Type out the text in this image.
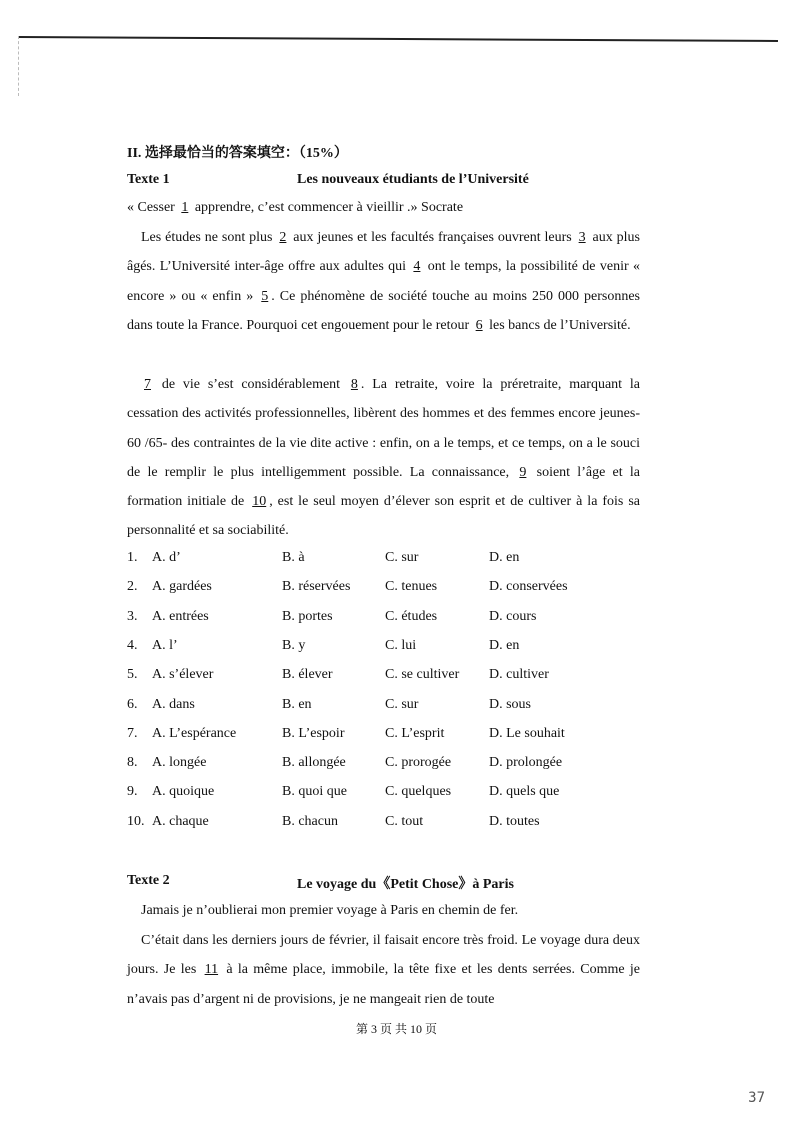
II. 选择最恰当的答案填空：（15%）
Texte 1	Les nouveaux étudiants de l’Université
« Cesser 1 apprendre, c’est commencer à vieillir .» Socrate

Les études ne sont plus 2 aux jeunes et les facultés françaises ouvrent leurs 3 aux plus âgés. L’Université inter-âge offre aux adultes qui 4 ont le temps, la possibilité de venir « encore » ou « enfin » 5 . Ce phénomène de société touche au moins 250 000 personnes dans toute la France. Pourquoi cet engouement pour le retour 6 les bancs de l’Université.

7 de vie s’est considérablement 8 . La retraite, voire la préretraite, marquant la cessation des activités professionnelles, libèrent des hommes et des femmes encore jeunes- 60 /65- des contraintes de la vie dite active : enfin, on a le temps, et ce temps, on a le souci de le remplir le plus intelligemment possible. La connaissance, 9 soient l’âge et la formation initiale de 10 , est le seul moyen d’élever son esprit et de cultiver à la fois sa personnalité et sa sociabilité.

1. A. d’	B. à	C. sur	D. en
2. A. gardées	B. réservées C. tenues	D. conservées
3. A. entrées	B. portes	C. études	D. cours
4. A. l’	B. y	C. lui	D. en
5. A. s’élever	B. élever	C. se cultiver D. cultiver
6. A. dans	B. en	C. sur	D. sous
7. A. L’espérance	B. L’espoir	C. L’esprit	D. Le souhait
8. A. longée	B. allongée	C. prorogée	D. prolongée
9. A. quoique	B. quoi que	C. quelques	D. quels que
10. A. chaque	B. chacun	C. tout	D. toutes
Texte 2	Le voyage du《Petit Chose》à Paris

Jamais je n’oublierai mon premier voyage à Paris en chemin de fer.

C’était dans les derniers jours de février, il faisait encore très froid. Le voyage dura deux jours. Je les 11 à la même place, immobile, la tête fixe et les dents serrées. Comme je n’avais pas d’argent ni de provisions, je ne mangeait rien de toute

第 3 页 共 10 页
37
